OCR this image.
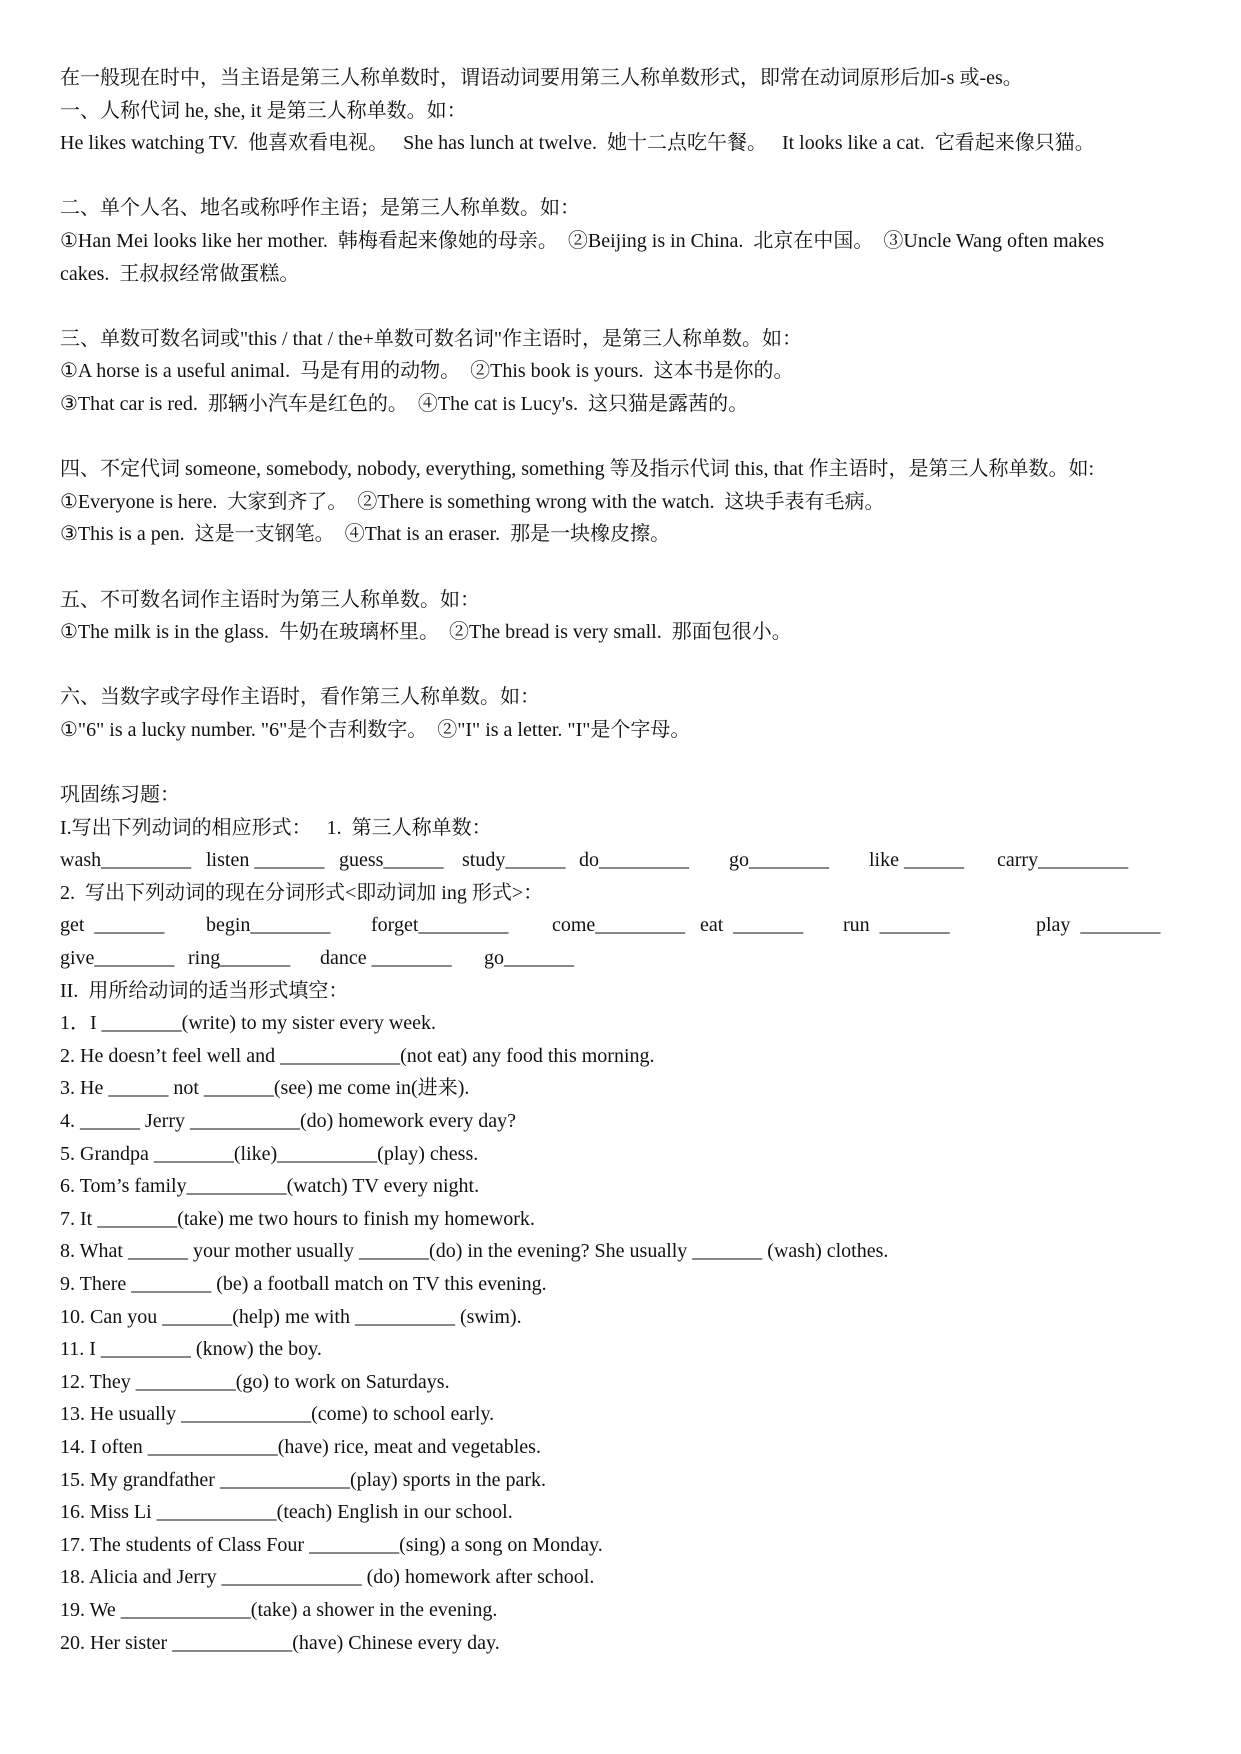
在一般现在时中，当主语是第三人称单数时，谓语动词要用第三人称单数形式，即常在动词原形后加-s 或-es。
一、人称代词 he, she, it 是第三人称单数。如：
He likes watching TV.  他喜欢看电视。   She has lunch at twelve.  她十二点吃午餐。   It looks like a cat.  它看起来像只猫。
二、单个人名、地名或称呼作主语；是第三人称单数。如：
①Han Mei looks like her mother.  韩梅看起来像她的母亲。  ②Beijing is in China.  北京在中国。  ③Uncle Wang often makes
cakes.  王叔叔经常做蛋糕。
三、单数可数名词或"this / that / the+单数可数名词"作主语时，是第三人称单数。如：
①A horse is a useful animal.  马是有用的动物。  ②This book is yours.  这本书是你的。
③That car is red.  那辆小汽车是红色的。  ④The cat is Lucy's.  这只猫是露茜的。
四、不定代词 someone, somebody, nobody, everything, something 等及指示代词 this, that 作主语时，是第三人称单数。如:
①Everyone is here.  大家到齐了。  ②There is something wrong with the watch.  这块手表有毛病。
③This is a pen.  这是一支钢笔。  ④That is an eraser.  那是一块橡皮擦。
五、不可数名词作主语时为第三人称单数。如：
①The milk is in the glass.  牛奶在玻璃杯里。  ②The bread is very small.  那面包很小。
六、当数字或字母作主语时，看作第三人称单数。如：
①"6" is a lucky number. "6"是个吉利数字。  ②"I" is a letter. "I"是个字母。
巩固练习题：
I.写出下列动词的相应形式：   1.  第三人称单数：
wash_________ listen _______ guess______ study______ do_________ go________ like ______ carry_________
2.  写出下列动词的现在分词形式<即动词加 ing 形式>：
get  _______ begin________ forget_________ come_________ eat  _______ run  _______	play  ________
give________ ring_______ dance ________ go_______
II.  用所给动词的适当形式填空：
1．I ________(write) to my sister every week.
2. He doesn’t feel well and ____________(not eat) any food this morning.
3. He ______ not _______(see) me come in(进来).
4. ______ Jerry ___________(do) homework every day?
5. Grandpa ________(like)__________(play) chess.
6. Tom’s family__________(watch) TV every night.
7. It ________(take) me two hours to finish my homework.
8. What ______ your mother usually _______(do) in the evening? She usually _______ (wash) clothes.
9. There ________ (be) a football match on TV this evening.
10. Can you _______(help) me with __________ (swim).
11. I _________ (know) the boy.
12. They __________(go) to work on Saturdays.
13. He usually _____________(come) to school early.
14. I often _____________(have) rice, meat and vegetables.
15. My grandfather _____________(play) sports in the park.
16. Miss Li ____________(teach) English in our school.
17. The students of Class Four _________(sing) a song on Monday.
18. Alicia and Jerry ______________ (do) homework after school.
19. We _____________(take) a shower in the evening.
20. Her sister ____________(have) Chinese every day.
